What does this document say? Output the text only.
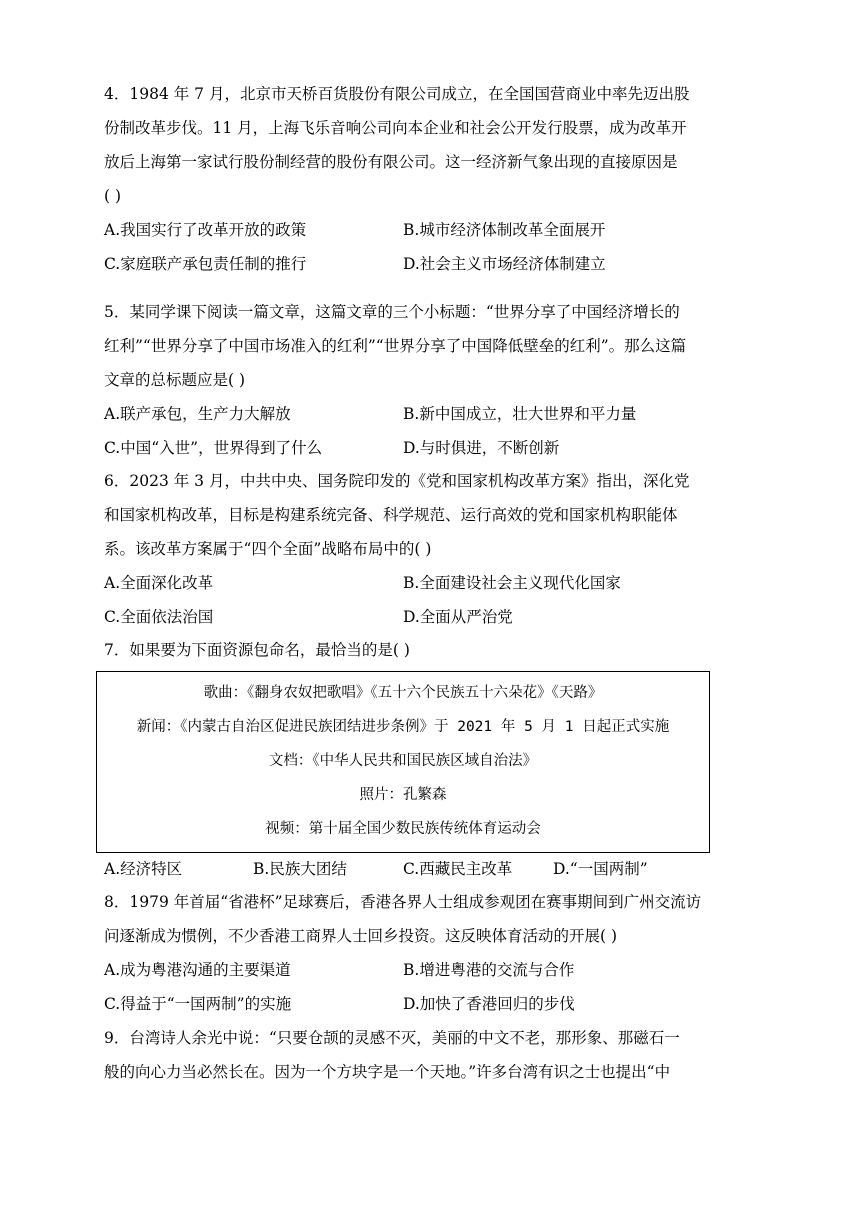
4．1984 年 7 月，北京市天桥百货股份有限公司成立，在全国国营商业中率先迈出股
份制改革步伐。11 月，上海飞乐音响公司向本企业和社会公开发行股票，成为改革开
放后上海第一家试行股份制经营的股份有限公司。这一经济新气象出现的直接原因是
( )
A.我国实行了改革开放的政策	B.城市经济体制改革全面展开
C.家庭联产承包责任制的推行	D.社会主义市场经济体制建立
5．某同学课下阅读一篇文章，这篇文章的三个小标题：“世界分享了中国经济增长的
红利”“世界分享了中国市场准入的红利”“世界分享了中国降低壁垒的红利”。那么这篇
文章的总标题应是( )
A.联产承包，生产力大解放	B.新中国成立，壮大世界和平力量
C.中国“入世”，世界得到了什么	D.与时俱进，不断创新
6．2023 年 3 月，中共中央、国务院印发的《党和国家机构改革方案》指出，深化党
和国家机构改革，目标是构建系统完备、科学规范、运行高效的党和国家机构职能体
系。该改革方案属于“四个全面”战略布局中的( )
A.全面深化改革	B.全面建设社会主义现代化国家
C.全面依法治国	D.全面从严治党
7．如果要为下面资源包命名，最恰当的是( )
歌曲：《翻身农奴把歌唱》《五十六个民族五十六朵花》《天路》
新闻：《内蒙古自治区促进民族团结进步条例》于 2021 年 5 月 1 日起正式实施
文档：《中华人民共和国民族区域自治法》
照片：孔繁森
视频：第十届全国少数民族传统体育运动会
A.经济特区	B.民族大团结	C.西藏民主改革	D.“一国两制”
8．1979 年首届“省港杯”足球赛后，香港各界人士组成参观团在赛事期间到广州交流访
问逐渐成为惯例，不少香港工商界人士回乡投资。这反映体育活动的开展( )
A.成为粤港沟通的主要渠道	B.增进粤港的交流与合作
C.得益于“一国两制”的实施	D.加快了香港回归的步伐
9．台湾诗人余光中说：“只要仓颉的灵感不灭，美丽的中文不老，那形象、那磁石一
般的向心力当必然长在。因为一个方块字是一个天地。”许多台湾有识之士也提出“中
